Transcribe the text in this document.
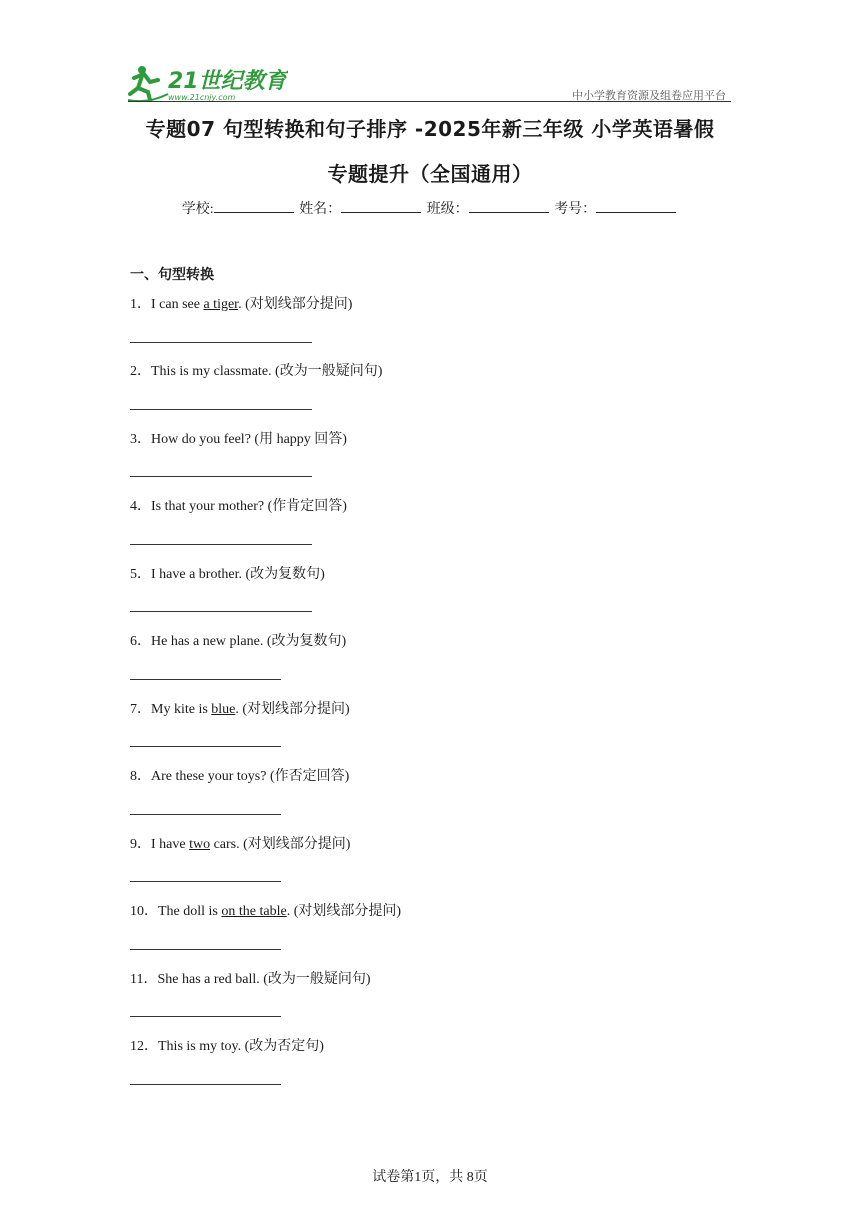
21世纪教育
www.21cnjy.com	中小学教育资源及组卷应用平台
专题07 句型转换和句子排序 -2025年新三年级 小学英语暑假
专题提升（全国通用）
学校:	姓名：	班级：	考号：
一、句型转换
1．I can see a tiger. (对划线部分提问)
2．This is my classmate. (改为一般疑问句)
3．How do you feel? (用 happy 回答)
4．Is that your mother? (作肯定回答)
5．I have a brother. (改为复数句)
6．He has a new plane. (改为复数句)
7．My kite is blue. (对划线部分提问)
8．Are these your toys? (作否定回答)
9．I have two cars. (对划线部分提问)
10．The doll is on the table. (对划线部分提问)
11．She has a red ball. (改为一般疑问句)
12．This is my toy. (改为否定句)
试卷第1页，共 8页
